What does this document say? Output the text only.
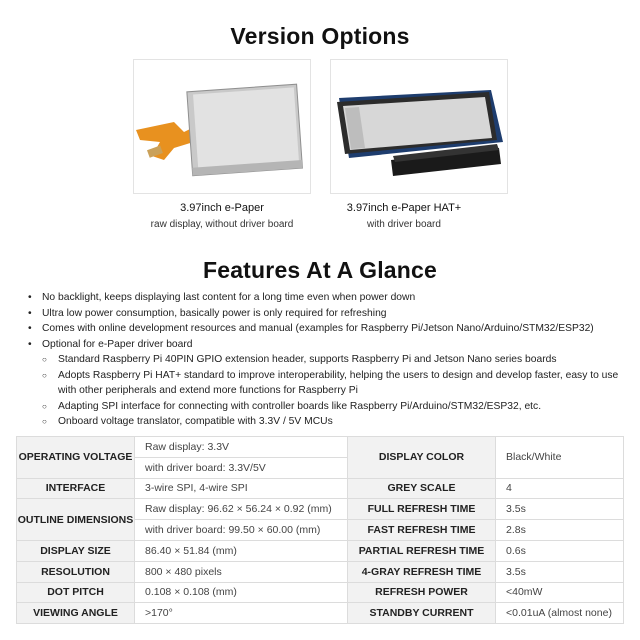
Version Options
3.97inch e-Paper
raw display, without driver board
3.97inch e-Paper HAT+
with driver board
Features At A Glance
• No backlight, keeps displaying last content for a long time even when power down
• Ultra low power consumption, basically power is only required for refreshing
• Comes with online development resources and manual (examples for Raspberry Pi/Jetson Nano/Arduino/STM32/ESP32)
• Optional for e-Paper driver board
○ Standard Raspberry Pi 40PIN GPIO extension header, supports Raspberry Pi and Jetson Nano series boards
○ Adopts Raspberry Pi HAT+ standard to improve interoperability, helping the users to design and develop faster, easy to use with other peripherals and extend more functions for Raspberry Pi
○ Adapting SPI interface for connecting with controller boards like Raspberry Pi/Arduino/STM32/ESP32, etc.
○ Onboard voltage translator, compatible with 3.3V / 5V MCUs
OPERATING VOLTAGE	Raw display: 3.3V	DISPLAY COLOR	Black/White
	with driver board: 3.3V/5V		
INTERFACE	3-wire SPI, 4-wire SPI	GREY SCALE	4
OUTLINE DIMENSIONS	Raw display: 96.62 × 56.24 × 0.92 (mm)	FULL REFRESH TIME	3.5s
	with driver board: 99.50 × 60.00 (mm)	FAST REFRESH TIME	2.8s
DISPLAY SIZE	86.40 × 51.84 (mm)	PARTIAL REFRESH TIME	0.6s
RESOLUTION	800 × 480 pixels	4-GRAY REFRESH TIME	3.5s
DOT PITCH	0.108 × 0.108 (mm)	REFRESH POWER	<40mW
VIEWING ANGLE	>170°	STANDBY CURRENT	<0.01uA (almost none)
